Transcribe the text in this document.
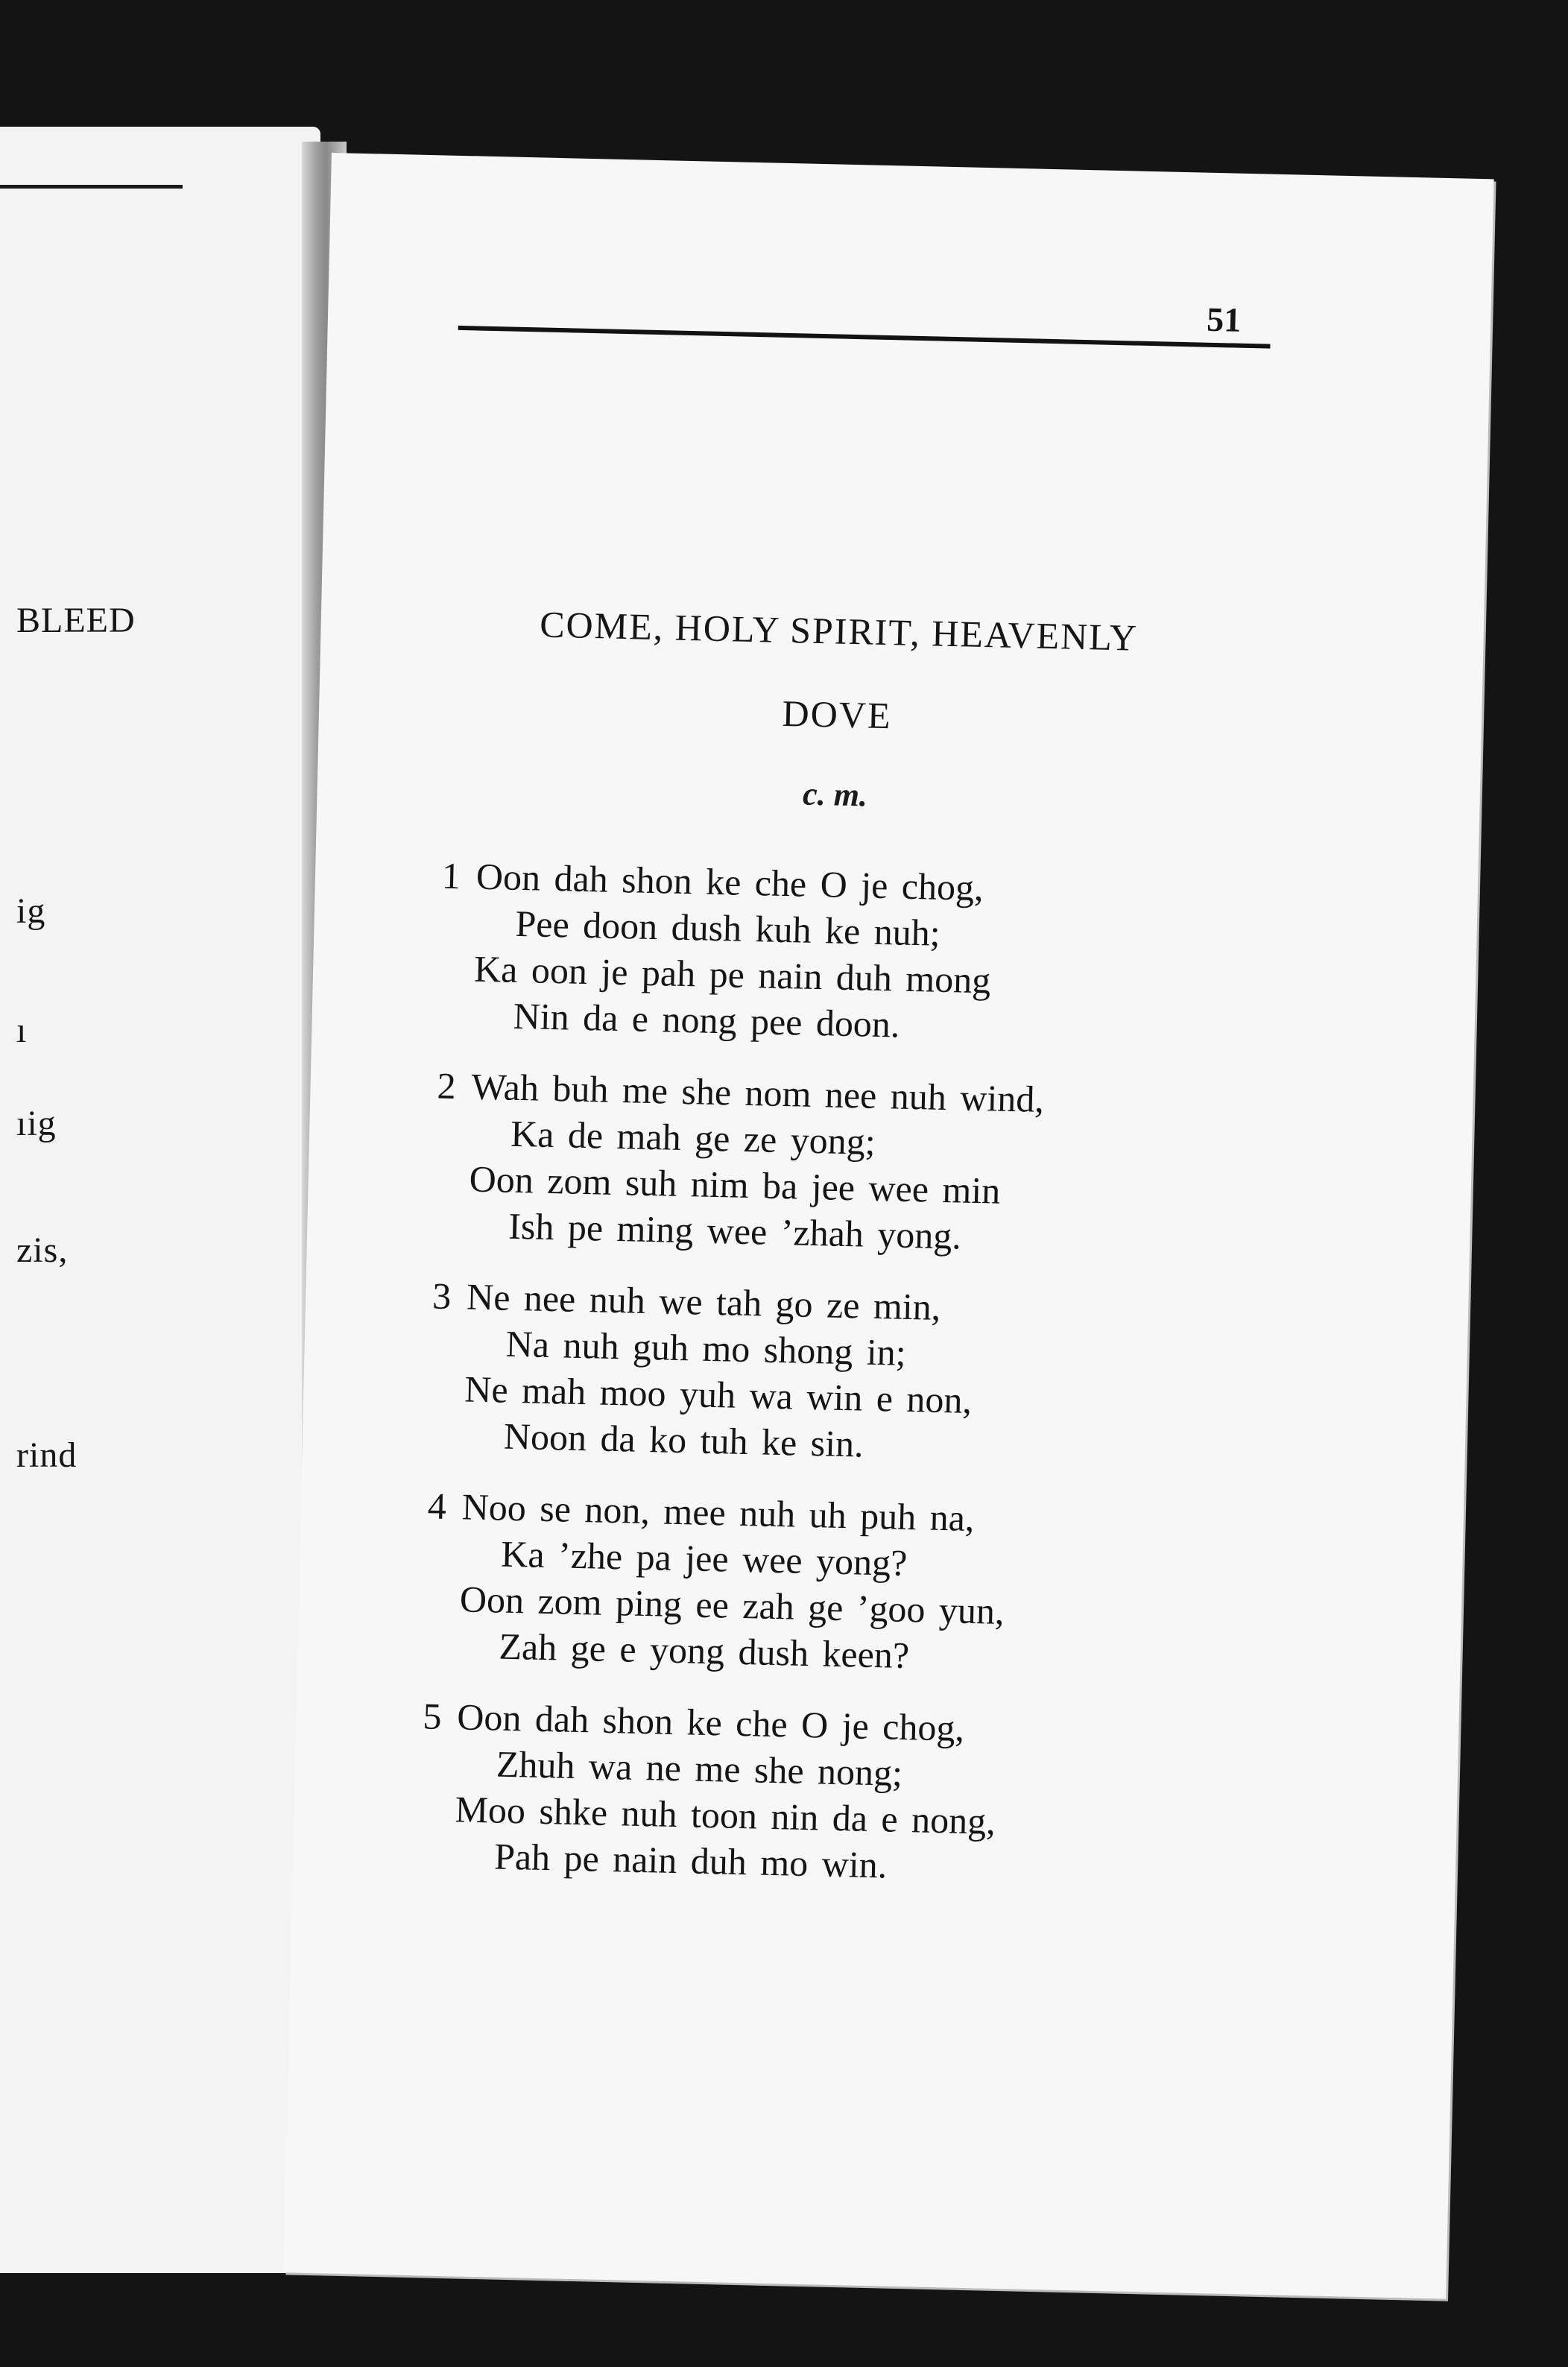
BLEED
ig
ı
ıig
zis,
rind
51
COME, HOLY SPIRIT, HEAVENLY
DOVE
c. m.
1 Oon dah shon ke che O je chog,
Pee doon dush kuh ke nuh;
Ka oon je pah pe nain duh mong
Nin da e nong pee doon.
2 Wah buh me she nom nee nuh wind,
Ka de mah ge ze yong;
Oon zom suh nim ba jee wee min
Ish pe ming wee ’zhah yong.
3 Ne nee nuh we tah go ze min,
Na nuh guh mo shong in;
Ne mah moo yuh wa win e non,
Noon da ko tuh ke sin.
4 Noo se non, mee nuh uh puh na,
Ka ’zhe pa jee wee yong?
Oon zom ping ee zah ge ’goo yun,
Zah ge e yong dush keen?
5 Oon dah shon ke che O je chog,
Zhuh wa ne me she nong;
Moo shke nuh toon nin da e nong,
Pah pe nain duh mo win.
